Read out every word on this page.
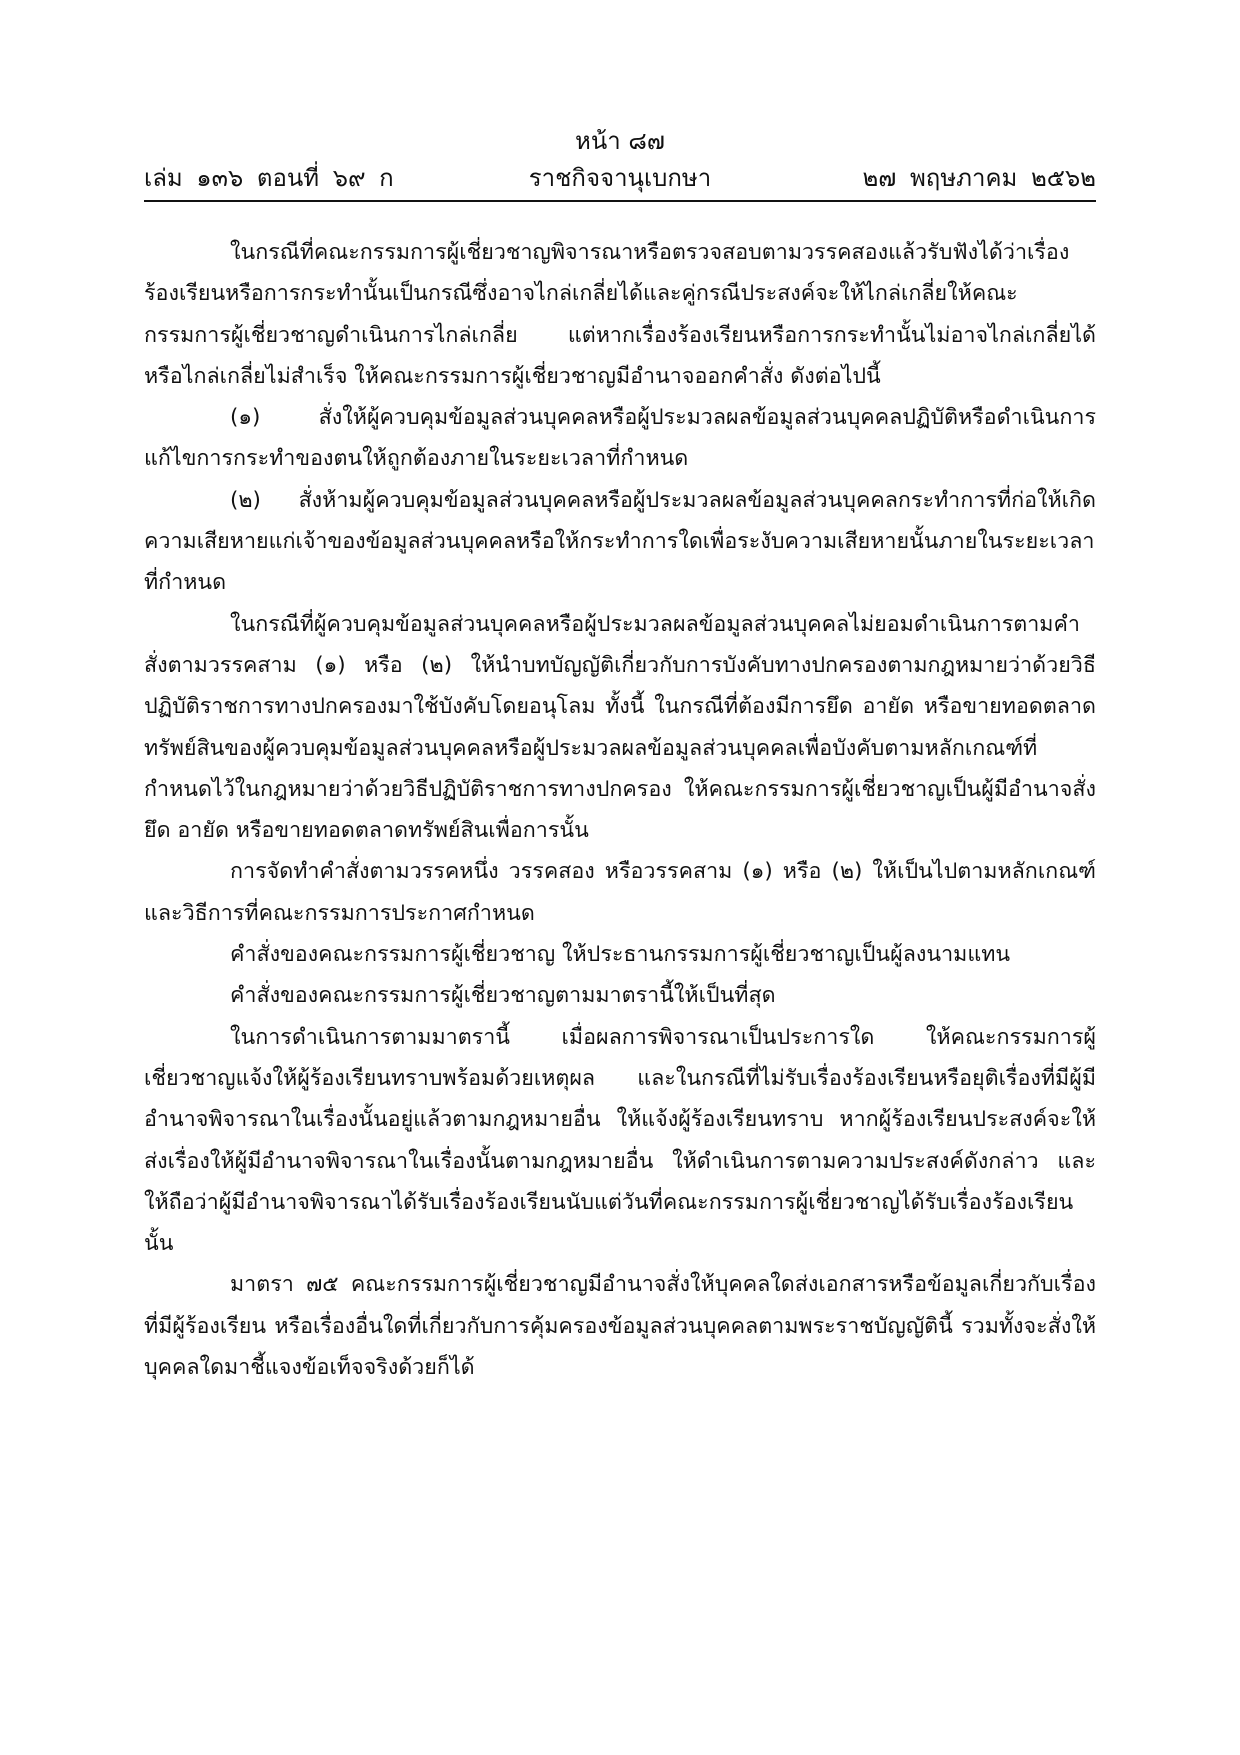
หน้า ๘๗
เล่ม ๑๓๖ ตอนที่ ๖๙ ก	ราชกิจจานุเบกษา	๒๗ พฤษภาคม ๒๕๖๒

ในกรณีที่คณะกรรมการผู้เชี่ยวชาญพิจารณาหรือตรวจสอบตามวรรคสองแล้วรับฟังได้ว่าเรื่องร้องเรียนหรือการกระทำนั้นเป็นกรณีซึ่งอาจไกล่เกลี่ยได้และคู่กรณีประสงค์จะให้ไกล่เกลี่ยให้คณะกรรมการผู้เชี่ยวชาญดำเนินการไกล่เกลี่ย แต่หากเรื่องร้องเรียนหรือการกระทำนั้นไม่อาจไกล่เกลี่ยได้ หรือไกล่เกลี่ยไม่สำเร็จ ให้คณะกรรมการผู้เชี่ยวชาญมีอำนาจออกคำสั่ง ดังต่อไปนี้

(๑) สั่งให้ผู้ควบคุมข้อมูลส่วนบุคคลหรือผู้ประมวลผลข้อมูลส่วนบุคคลปฏิบัติหรือดำเนินการแก้ไขการกระทำของตนให้ถูกต้องภายในระยะเวลาที่กำหนด

(๒) สั่งห้ามผู้ควบคุมข้อมูลส่วนบุคคลหรือผู้ประมวลผลข้อมูลส่วนบุคคลกระทำการที่ก่อให้เกิดความเสียหายแก่เจ้าของข้อมูลส่วนบุคคลหรือให้กระทำการใดเพื่อระงับความเสียหายนั้นภายในระยะเวลาที่กำหนด

ในกรณีที่ผู้ควบคุมข้อมูลส่วนบุคคลหรือผู้ประมวลผลข้อมูลส่วนบุคคลไม่ยอมดำเนินการตามคำสั่งตามวรรคสาม (๑) หรือ (๒) ให้นำบทบัญญัติเกี่ยวกับการบังคับทางปกครองตามกฎหมายว่าด้วยวิธีปฏิบัติราชการทางปกครองมาใช้บังคับโดยอนุโลม ทั้งนี้ ในกรณีที่ต้องมีการยึด อายัด หรือขายทอดตลาดทรัพย์สินของผู้ควบคุมข้อมูลส่วนบุคคลหรือผู้ประมวลผลข้อมูลส่วนบุคคลเพื่อบังคับตามหลักเกณฑ์ที่กำหนดไว้ในกฎหมายว่าด้วยวิธีปฏิบัติราชการทางปกครอง ให้คณะกรรมการผู้เชี่ยวชาญเป็นผู้มีอำนาจสั่งยึด อายัด หรือขายทอดตลาดทรัพย์สินเพื่อการนั้น

การจัดทำคำสั่งตามวรรคหนึ่ง วรรคสอง หรือวรรคสาม (๑) หรือ (๒) ให้เป็นไปตามหลักเกณฑ์และวิธีการที่คณะกรรมการประกาศกำหนด

คำสั่งของคณะกรรมการผู้เชี่ยวชาญ ให้ประธานกรรมการผู้เชี่ยวชาญเป็นผู้ลงนามแทน

คำสั่งของคณะกรรมการผู้เชี่ยวชาญตามมาตรานี้ให้เป็นที่สุด

ในการดำเนินการตามมาตรานี้ เมื่อผลการพิจารณาเป็นประการใด ให้คณะกรรมการผู้เชี่ยวชาญแจ้งให้ผู้ร้องเรียนทราบพร้อมด้วยเหตุผล และในกรณีที่ไม่รับเรื่องร้องเรียนหรือยุติเรื่องที่มีผู้มีอำนาจพิจารณาในเรื่องนั้นอยู่แล้วตามกฎหมายอื่น ให้แจ้งผู้ร้องเรียนทราบ หากผู้ร้องเรียนประสงค์จะให้ส่งเรื่องให้ผู้มีอำนาจพิจารณาในเรื่องนั้นตามกฎหมายอื่น ให้ดำเนินการตามความประสงค์ดังกล่าว และให้ถือว่าผู้มีอำนาจพิจารณาได้รับเรื่องร้องเรียนนับแต่วันที่คณะกรรมการผู้เชี่ยวชาญได้รับเรื่องร้องเรียนนั้น

มาตรา ๗๕ คณะกรรมการผู้เชี่ยวชาญมีอำนาจสั่งให้บุคคลใดส่งเอกสารหรือข้อมูลเกี่ยวกับเรื่องที่มีผู้ร้องเรียน หรือเรื่องอื่นใดที่เกี่ยวกับการคุ้มครองข้อมูลส่วนบุคคลตามพระราชบัญญัตินี้ รวมทั้งจะสั่งให้บุคคลใดมาชี้แจงข้อเท็จจริงด้วยก็ได้
